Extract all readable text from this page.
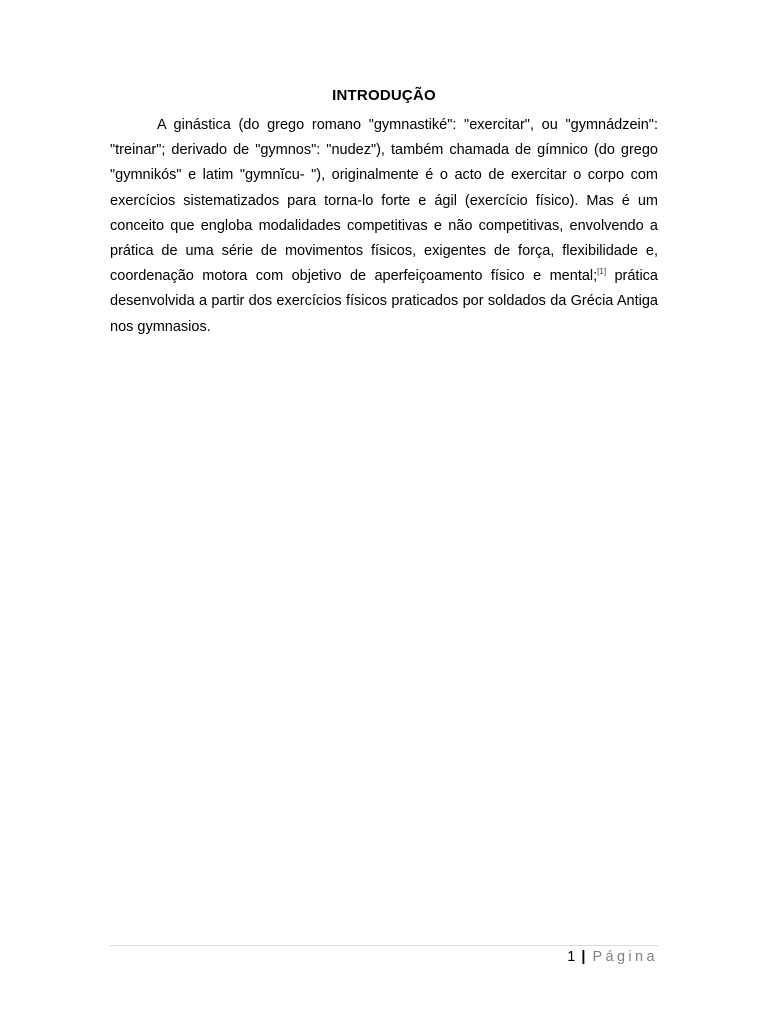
INTRODUÇÃO

A ginástica (do grego romano "gymnastiké": "exercitar", ou "gymnádzein": "treinar"; derivado de "gymnos": "nudez"), também chamada de gímnico (do grego "gymnikós" e latim "gymnĭcu- "), originalmente é o acto de exercitar o corpo com exercícios sistematizados para torna-lo forte e ágil (exercício físico). Mas é um conceito que engloba modalidades competitivas e não competitivas, envolvendo a prática de uma série de movimentos físicos, exigentes de força, flexibilidade e, coordenação motora com objetivo de aperfeiçoamento físico e mental;[1] prática desenvolvida a partir dos exercícios físicos praticados por soldados da Grécia Antiga nos gymnasios.

1 | Página
